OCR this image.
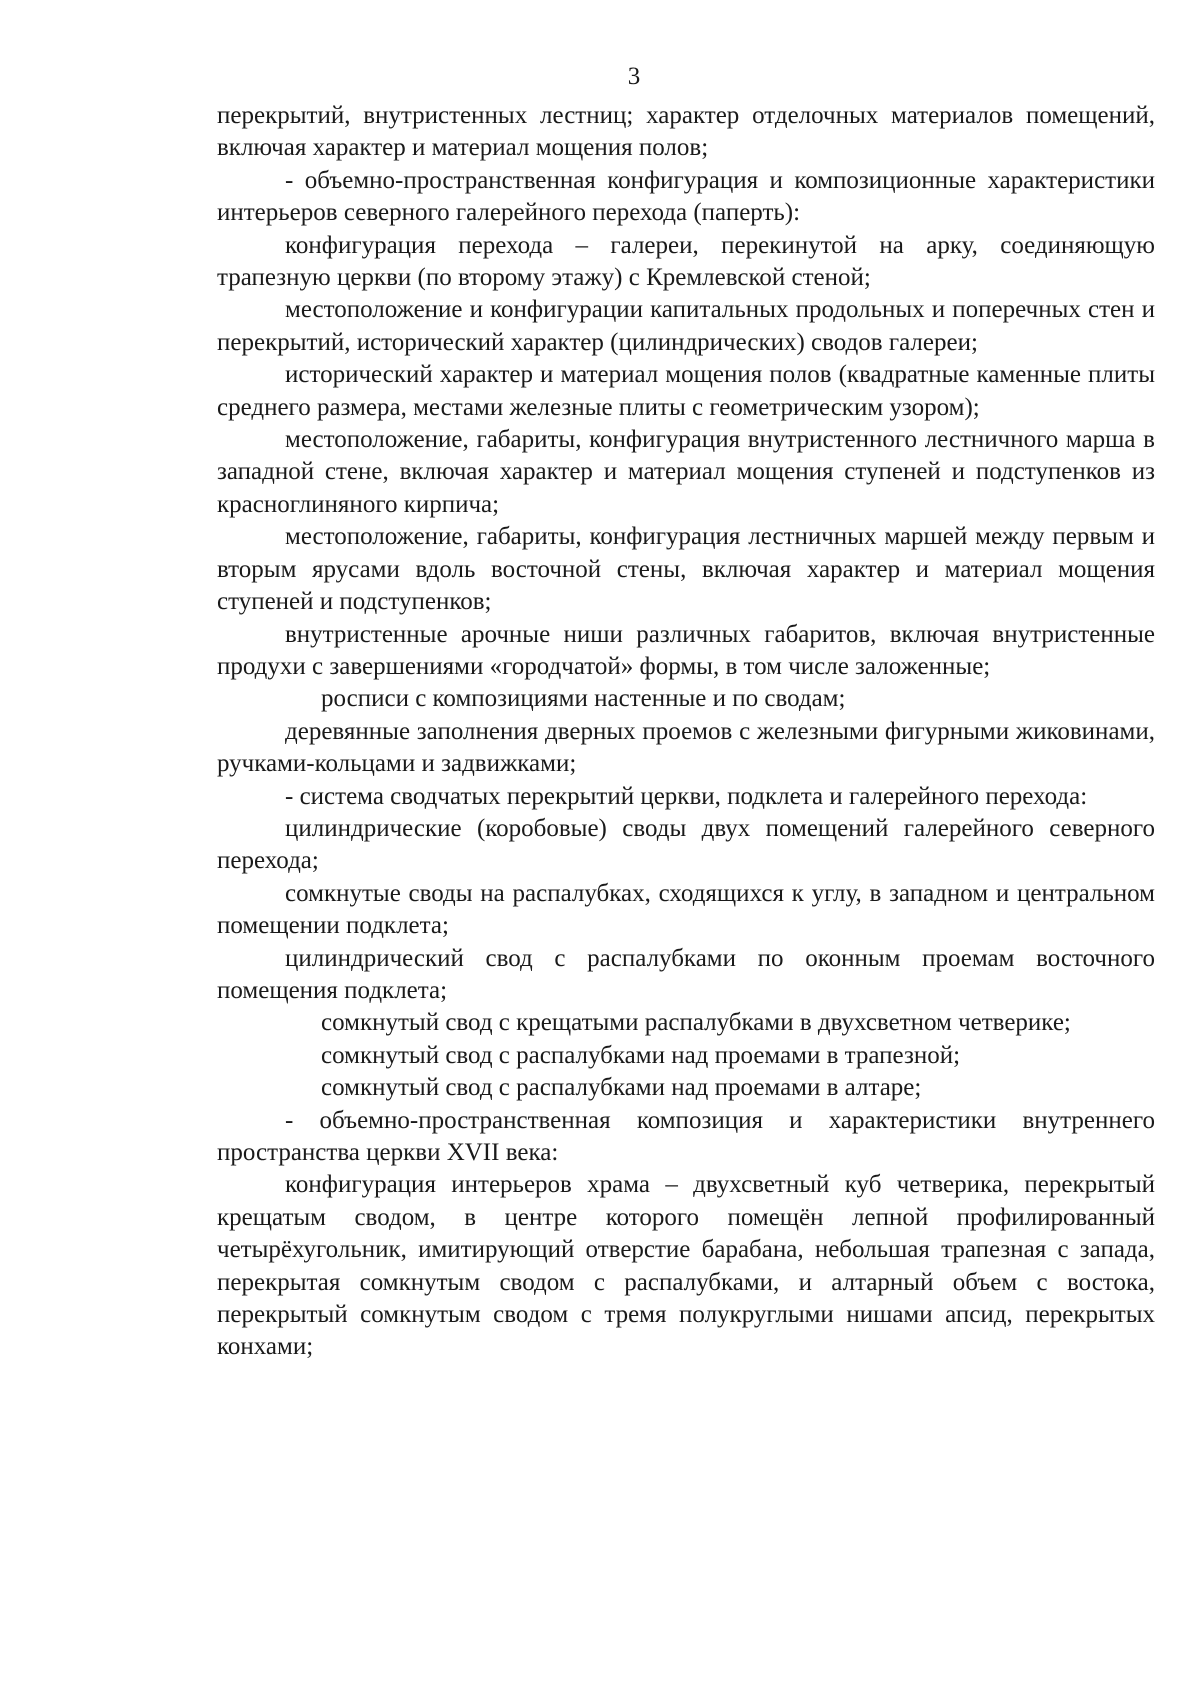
3

перекрытий, внутристенных лестниц; характер отделочных материалов помещений, включая характер и материал мощения полов;

- объемно-пространственная конфигурация и композиционные характеристики интерьеров северного галерейного перехода (паперть):

конфигурация перехода – галереи, перекинутой на арку, соединяющую трапезную церкви (по второму этажу) с Кремлевской стеной;

местоположение и конфигурации капитальных продольных и поперечных стен и перекрытий, исторический характер (цилиндрических) сводов галереи;

исторический характер и материал мощения полов (квадратные каменные плиты среднего размера, местами железные плиты с геометрическим узором);

местоположение, габариты, конфигурация внутристенного лестничного марша в западной стене, включая характер и материал мощения ступеней и подступенков из красноглиняного кирпича;

местоположение, габариты, конфигурация лестничных маршей между первым и вторым ярусами вдоль восточной стены, включая характер и материал мощения ступеней и подступенков;

внутристенные арочные ниши различных габаритов, включая внутристенные продухи с завершениями «городчатой» формы, в том числе заложенные;

росписи с композициями настенные и по сводам;

деревянные заполнения дверных проемов с железными фигурными жиковинами, ручками-кольцами и задвижками;

- система сводчатых перекрытий церкви, подклета и галерейного перехода:

цилиндрические (коробовые) своды двух помещений галерейного северного перехода;

сомкнутые своды на распалубках, сходящихся к углу, в западном и центральном помещении подклета;

цилиндрический свод с распалубками по оконным проемам восточного помещения подклета;

сомкнутый свод с крещатыми распалубками в двухсветном четверике;

сомкнутый свод с распалубками над проемами в трапезной;

сомкнутый свод с распалубками над проемами в алтаре;

- объемно-пространственная композиция и характеристики внутреннего пространства церкви XVII века:

конфигурация интерьеров храма – двухсветный куб четверика, перекрытый крещатым сводом, в центре которого помещён лепной профилированный четырёхугольник, имитирующий отверстие барабана, небольшая трапезная с запада, перекрытая сомкнутым сводом с распалубками, и алтарный объем с востока, перекрытый сомкнутым сводом с тремя полукруглыми нишами апсид, перекрытых конхами;
